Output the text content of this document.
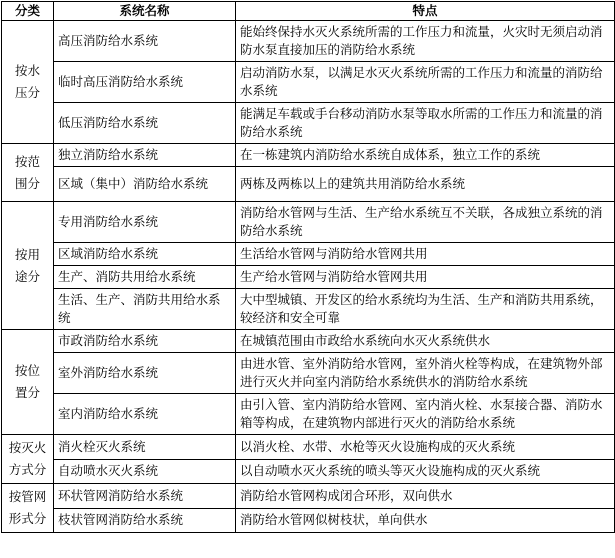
分类	系统名称	特点
按水压分	高压消防给水系统	能始终保持水灭火系统所需的工作压力和流量，火灾时无须启动消防水泵直接加压的消防给水系统
	临时高压消防给水系统	启动消防水泵，以满足水灭火系统所需的工作压力和流量的消防给水系统
	低压消防给水系统	能满足车载或手台移动消防水泵等取水所需的工作压力和流量的消防给水系统
按范围分	独立消防给水系统	在一栋建筑内消防给水系统自成体系，独立工作的系统
	区域（集中）消防给水系统	两栋及两栋以上的建筑共用消防给水系统
按用途分	专用消防给水系统	消防给水管网与生活、生产给水系统互不关联，各成独立系统的消防给水系统
	区域消防给水系统	生活给水管网与消防给水管网共用
	生产、消防共用给水系统	生产给水管网与消防给水管网共用
	生活、生产、消防共用给水系统	大中型城镇、开发区的给水系统均为生活、生产和消防共用系统，较经济和安全可靠
按位置分	市政消防给水系统	在城镇范围由市政给水系统向水灭火系统供水
	室外消防给水系统	由进水管、室外消防给水管网，室外消火栓等构成，在建筑物外部进行灭火并向室内消防给水系统供水的消防给水系统
	室内消防给水系统	由引入管、室内消防给水管网、室内消火栓、水泵接合器、消防水箱等构成，在建筑物内部进行灭火的消防给水系统
按灭火方式分	消火栓灭火系统	以消火栓、水带、水枪等灭火设施构成的灭火系统
	自动喷水灭火系统	以自动喷水灭火系统的喷头等灭火设施构成的灭火系统
按管网形式分	环状管网消防给水系统	消防给水管网构成闭合环形，双向供水
	枝状管网消防给水系统	消防给水管网似树枝状，单向供水
